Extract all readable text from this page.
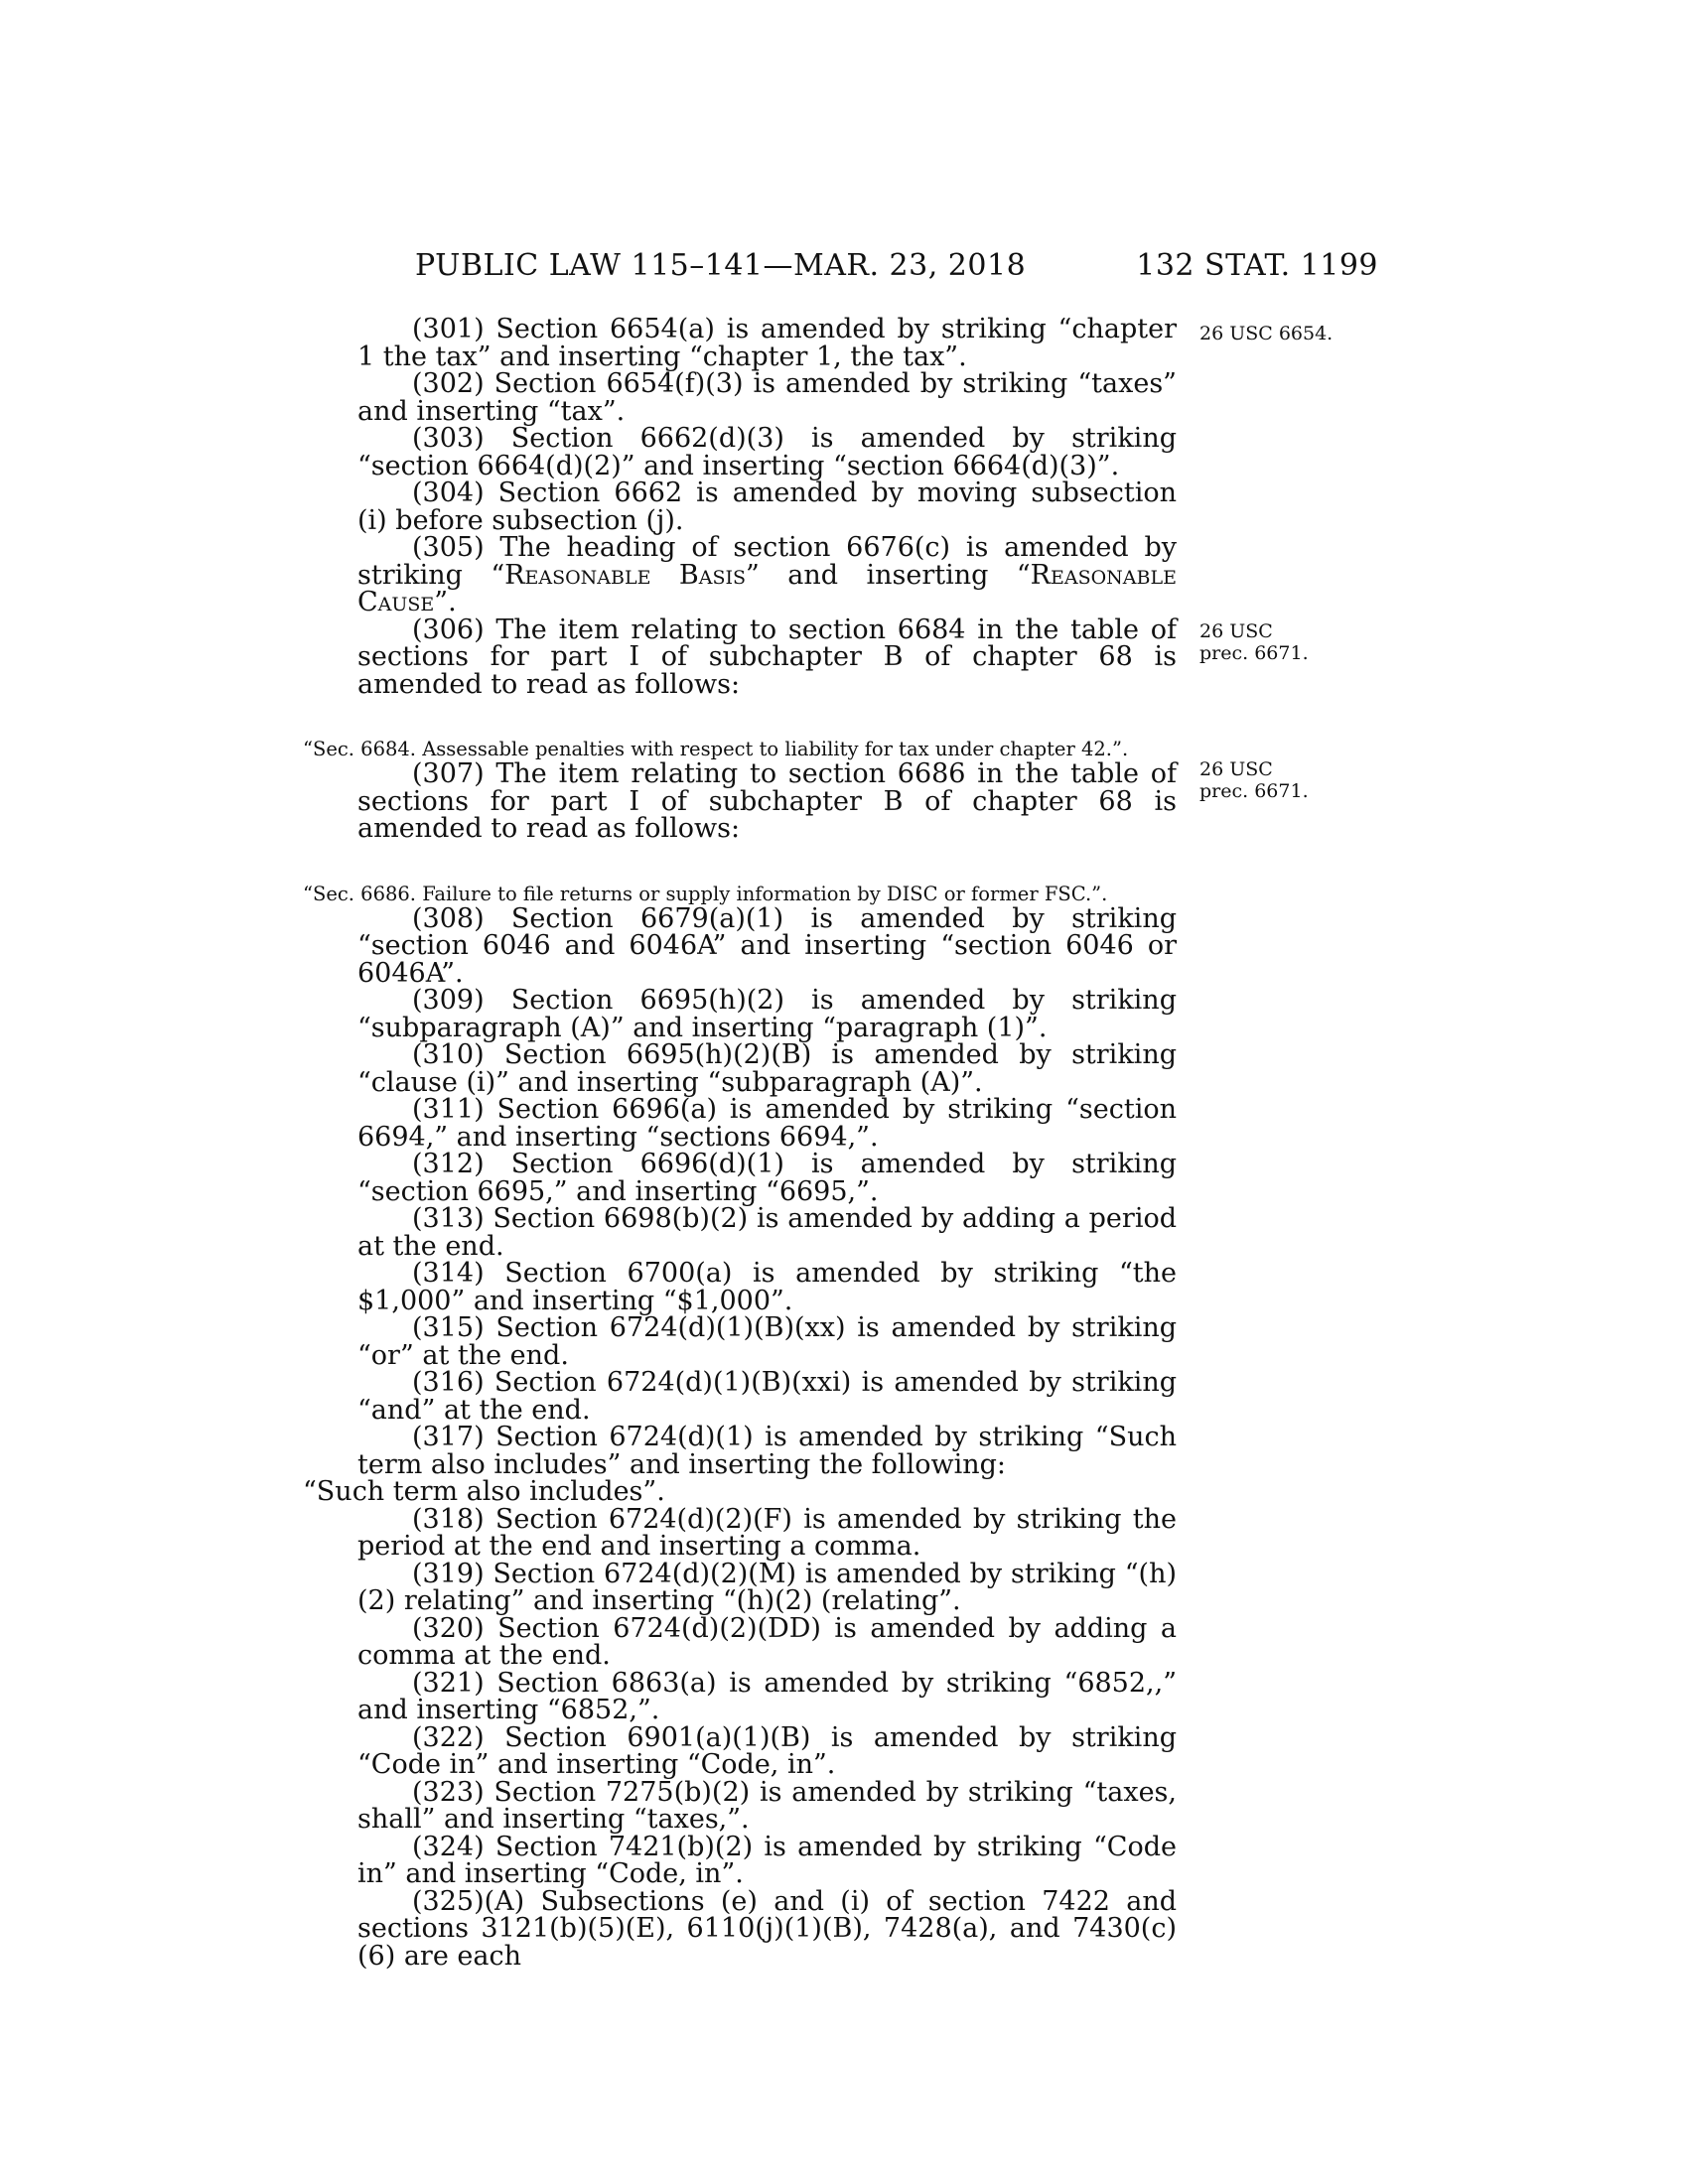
PUBLIC LAW 115–141—MAR. 23, 2018	132 STAT. 1199
26 USC 6654.
26 USC
prec. 6671.
26 USC
prec. 6671.

(301) Section 6654(a) is amended by striking “chapter 1 the tax” and inserting “chapter 1, the tax”.

(302) Section 6654(f)(3) is amended by striking “taxes” and inserting “tax”.

(303) Section 6662(d)(3) is amended by striking “section 6664(d)(2)” and inserting “section 6664(d)(3)”.

(304) Section 6662 is amended by moving subsection (i) before subsection (j).

(305) The heading of section 6676(c) is amended by striking “Reasonable Basis” and inserting “Reasonable Cause”.

(306) The item relating to section 6684 in the table of sections for part I of subchapter B of chapter 68 is amended to read as follows:

“Sec. 6684. Assessable penalties with respect to liability for tax under chapter 42.”.

(307) The item relating to section 6686 in the table of sections for part I of subchapter B of chapter 68 is amended to read as follows:

“Sec. 6686. Failure to file returns or supply information by DISC or former FSC.”.

(308) Section 6679(a)(1) is amended by striking “section 6046 and 6046A” and inserting “section 6046 or 6046A”.

(309) Section 6695(h)(2) is amended by striking “subparagraph (A)” and inserting “paragraph (1)”.

(310) Section 6695(h)(2)(B) is amended by striking “clause (i)” and inserting “subparagraph (A)”.

(311) Section 6696(a) is amended by striking “section 6694,” and inserting “sections 6694,”.

(312) Section 6696(d)(1) is amended by striking “section 6695,” and inserting “6695,”.

(313) Section 6698(b)(2) is amended by adding a period at the end.

(314) Section 6700(a) is amended by striking “the $1,000” and inserting “$1,000”.

(315) Section 6724(d)(1)(B)(xx) is amended by striking “or” at the end.

(316) Section 6724(d)(1)(B)(xxi) is amended by striking “and” at the end.

(317) Section 6724(d)(1) is amended by striking “Such term also includes” and inserting the following:

“Such term also includes”.

(318) Section 6724(d)(2)(F) is amended by striking the period at the end and inserting a comma.

(319) Section 6724(d)(2)(M) is amended by striking “(h)(2) relating” and inserting “(h)(2) (relating”.

(320) Section 6724(d)(2)(DD) is amended by adding a comma at the end.

(321) Section 6863(a) is amended by striking “6852,,” and inserting “6852,”.

(322) Section 6901(a)(1)(B) is amended by striking “Code in” and inserting “Code, in”.

(323) Section 7275(b)(2) is amended by striking “taxes, shall” and inserting “taxes,”.

(324) Section 7421(b)(2) is amended by striking “Code in” and inserting “Code, in”.

(325)(A) Subsections (e) and (i) of section 7422 and sections 3121(b)(5)(E), 6110(j)(1)(B), 7428(a), and 7430(c)(6) are each
